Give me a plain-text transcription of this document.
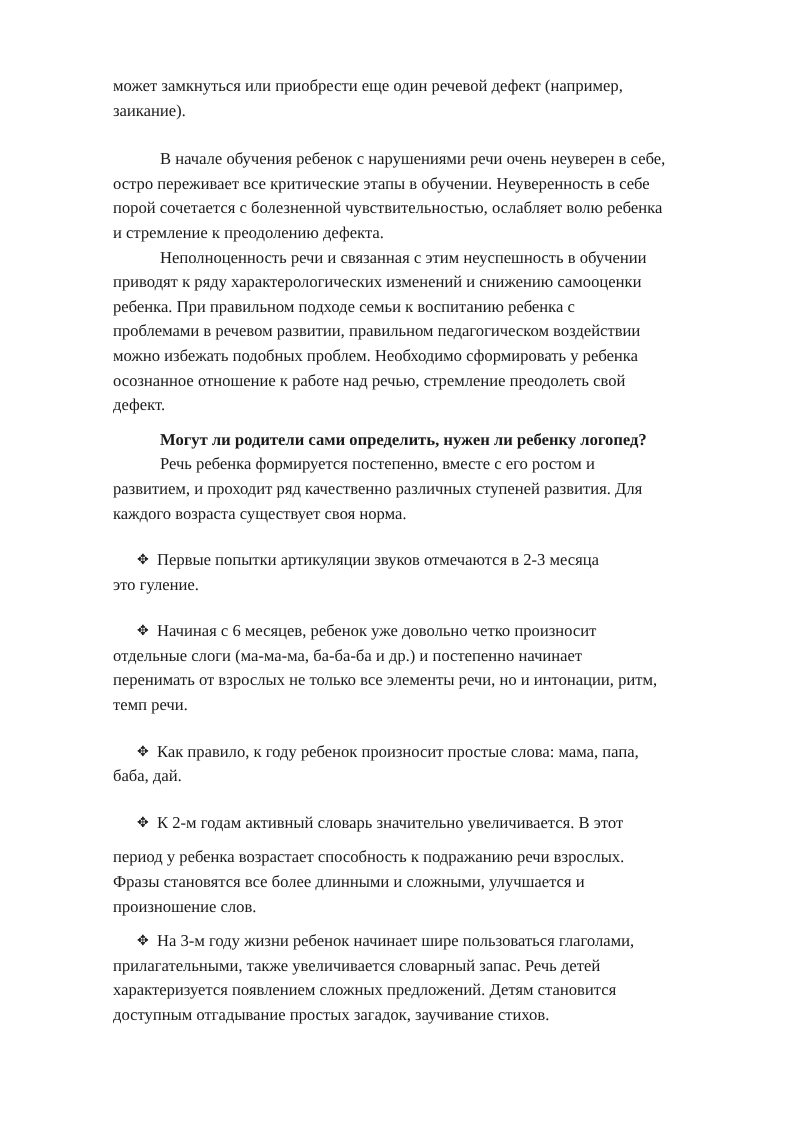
может замкнуться или приобрести еще один речевой дефект (например,
заикание).
В начале обучения ребенок с нарушениями речи очень неуверен в себе,
остро переживает все критические этапы в обучении. Неуверенность в себе
порой сочетается с болезненной чувствительностью, ослабляет волю ребенка
и стремление к преодолению дефекта.
Неполноценность речи и связанная с этим неуспешность в обучении
приводят к ряду характерологических изменений и снижению самооценки
ребенка. При правильном подходе семьи к воспитанию ребенка с
проблемами в речевом развитии, правильном педагогическом воздействии
можно избежать подобных проблем. Необходимо сформировать у ребенка
осознанное отношение к работе над речью, стремление преодолеть свой
дефект.
Могут ли родители сами определить, нужен ли ребенку логопед?
Речь ребенка формируется постепенно, вместе с его ростом и
развитием, и проходит ряд качественно различных ступеней развития. Для
каждого возраста существует своя норма.
✥ Первые попытки артикуляции звуков отмечаются в 2-3 месяца
это гуление.
✥ Начиная с 6 месяцев, ребенок уже довольно четко произносит
отдельные слоги (ма-ма-ма, ба-ба-ба и др.) и постепенно начинает
перенимать от взрослых не только все элементы речи, но и интонации, ритм,
темп речи.
✥ Как правило, к году ребенок произносит простые слова: мама, папа,
баба, дай.
✥ К 2-м годам активный словарь значительно увеличивается. В этот
период у ребенка возрастает способность к подражанию речи взрослых.
Фразы становятся все более длинными и сложными, улучшается и
произношение слов.
✥ На 3-м году жизни ребенок начинает шире пользоваться глаголами,
прилагательными, также увеличивается словарный запас. Речь детей
характеризуется появлением сложных предложений. Детям становится
доступным отгадывание простых загадок, заучивание стихов.
